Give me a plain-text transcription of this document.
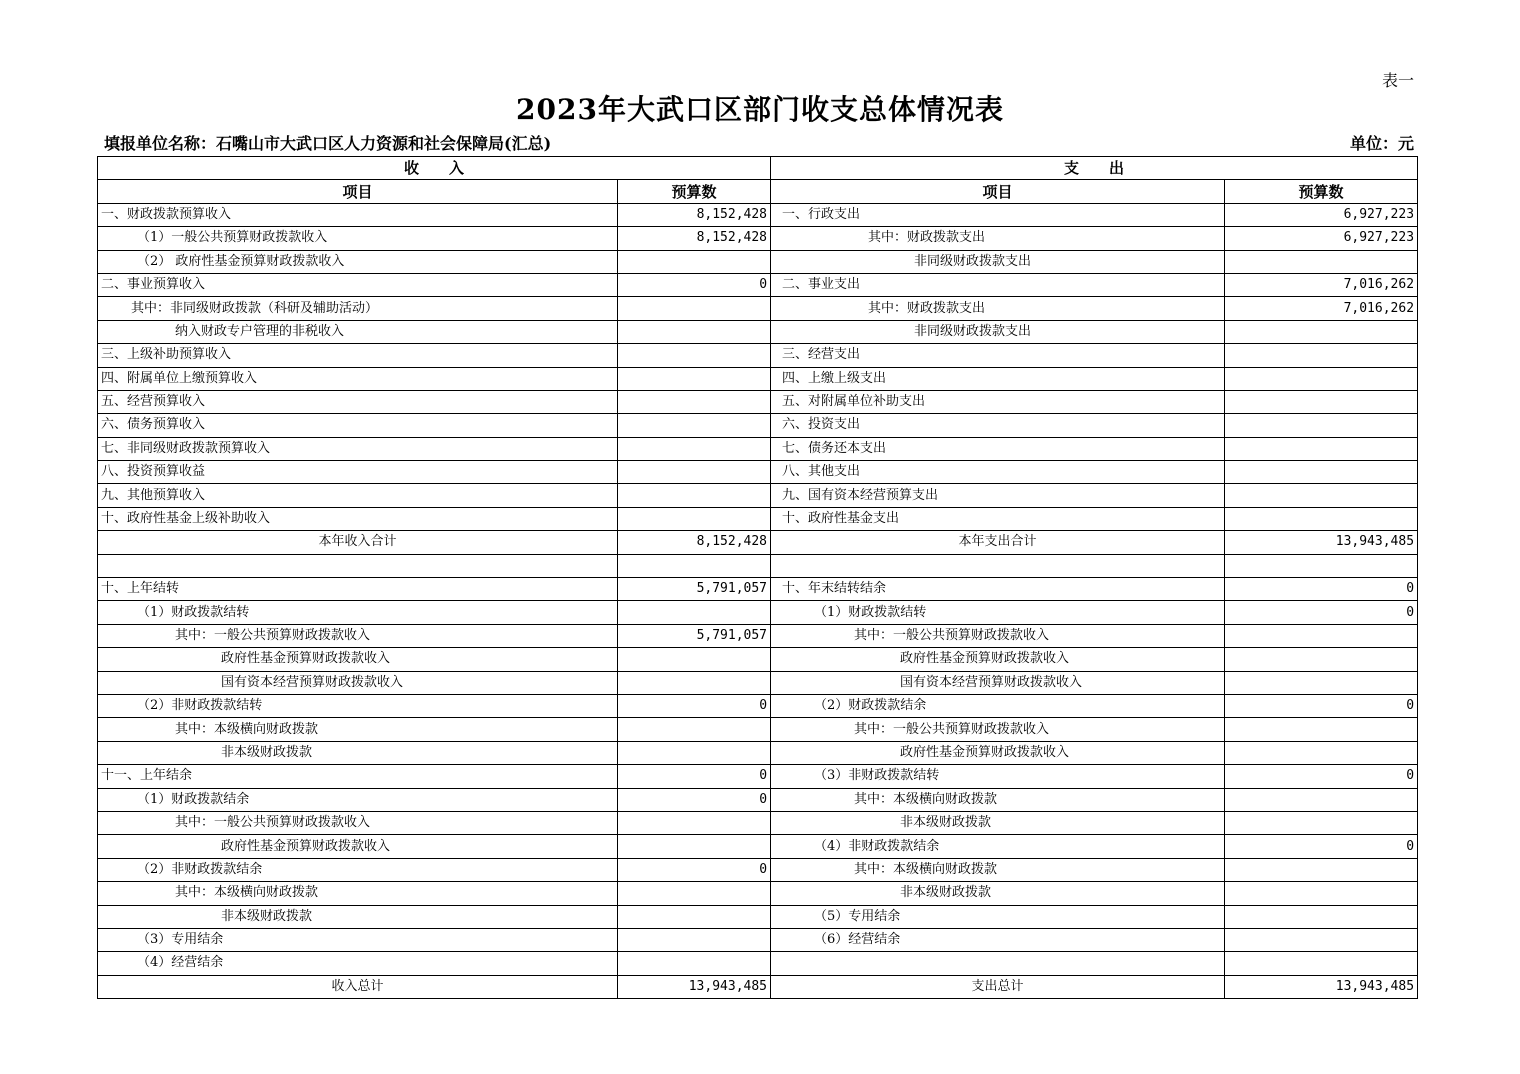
表一
2023年大武口区部门收支总体情况表
填报单位名称：石嘴山市大武口区人力资源和社会保障局(汇总)	单位：元
收　　入		支　　出	
项目	预算数	项目	预算数
一、财政拨款预算收入	8,152,428	一、行政支出	6,927,223
（1）一般公共预算财政拨款收入	8,152,428	其中：财政拨款支出	6,927,223
（2） 政府性基金预算财政拨款收入		非同级财政拨款支出	
二、事业预算收入	0	二、事业支出	7,016,262
其中：非同级财政拨款（科研及辅助活动）		其中：财政拨款支出	7,016,262
纳入财政专户管理的非税收入		非同级财政拨款支出	
三、上级补助预算收入		三、经营支出	
四、附属单位上缴预算收入		四、上缴上级支出	
五、经营预算收入		五、对附属单位补助支出	
六、债务预算收入		六、投资支出	
七、非同级财政拨款预算收入		七、债务还本支出	
八、投资预算收益		八、其他支出	
九、其他预算收入		九、国有资本经营预算支出	
十、政府性基金上级补助收入		十、政府性基金支出	
本年收入合计	8,152,428	本年支出合计	13,943,485

十、上年结转	5,791,057	十、年末结转结余	0
（1）财政拨款结转		（1）财政拨款结转	0
其中：一般公共预算财政拨款收入	5,791,057	其中：一般公共预算财政拨款收入	
政府性基金预算财政拨款收入		政府性基金预算财政拨款收入	
国有资本经营预算财政拨款收入		国有资本经营预算财政拨款收入	
（2）非财政拨款结转	0	（2）财政拨款结余	0
其中：本级横向财政拨款		其中：一般公共预算财政拨款收入	
非本级财政拨款		政府性基金预算财政拨款收入	
十一、上年结余	0	（3）非财政拨款结转	0
（1）财政拨款结余	0	其中：本级横向财政拨款	
其中：一般公共预算财政拨款收入		非本级财政拨款	
政府性基金预算财政拨款收入		（4）非财政拨款结余	0
（2）非财政拨款结余	0	其中：本级横向财政拨款	
其中：本级横向财政拨款		非本级财政拨款	
非本级财政拨款		（5）专用结余	
（3）专用结余		（6）经营结余	
（4）经营结余			
收入总计	13,943,485	支出总计	13,943,485
